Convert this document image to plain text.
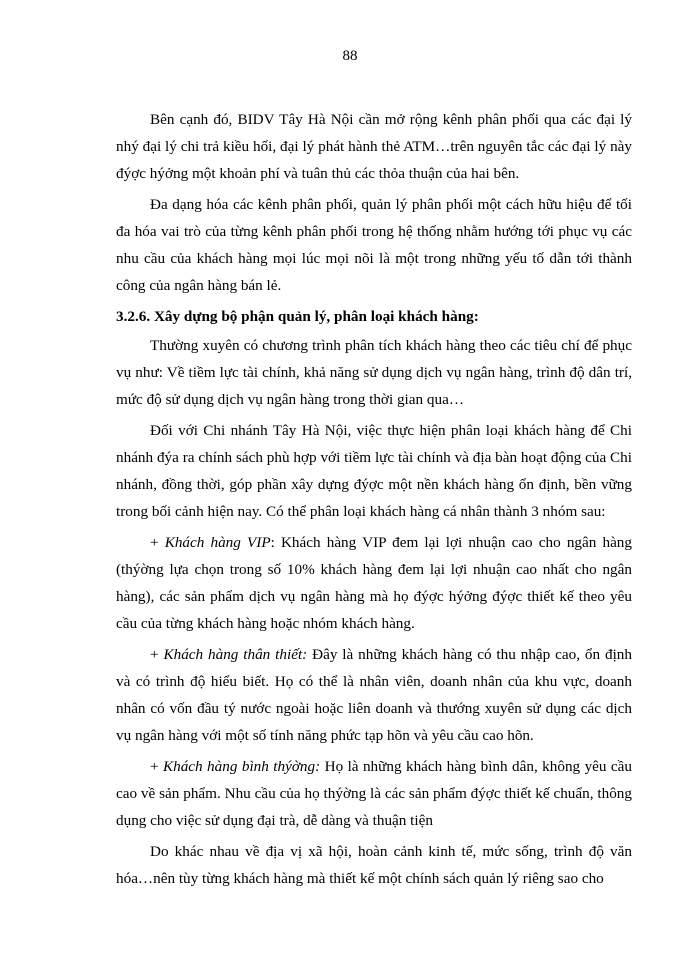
88

Bên cạnh đó, BIDV Tây Hà Nội cần mở rộng kênh phân phối qua các đại lý nhý đại lý chi trả kiều hối, đại lý phát hành thẻ ATM…trên nguyên tắc các đại lý này đýợc hýởng một khoản phí và tuân thủ các thỏa thuận của hai bên.

Đa dạng hóa các kênh phân phối, quản lý phân phối một cách hữu hiệu để tối đa hóa vai trò của từng kênh phân phối trong hệ thống nhằm hướng tới phục vụ các nhu cầu của khách hàng mọi lúc mọi nõi là một trong những yếu tố dẫn tới thành công của ngân hàng bán lẻ.

3.2.6. Xây dựng bộ phận quản lý, phân loại khách hàng:

Thường xuyên có chương trình phân tích khách hàng theo các tiêu chí để phục vụ như: Về tiềm lực tài chính, khả năng sử dụng dịch vụ ngân hàng, trình độ dân trí, mức độ sử dụng dịch vụ ngân hàng trong thời gian qua…

Đối với Chi nhánh Tây Hà Nội, việc thực hiện phân loại khách hàng để Chi nhánh đýa ra chính sách phù hợp với tiềm lực tài chính và địa bàn hoạt động của Chi nhánh, đồng thời, góp phần xây dựng đýợc một nền khách hàng ổn định, bền vững trong bối cảnh hiện nay. Có thể phân loại khách hàng cá nhân thành 3 nhóm sau:

+ Khách hàng VIP: Khách hàng VIP đem lại lợi nhuận cao cho ngân hàng (thýờng lựa chọn trong số 10% khách hàng đem lại lợi nhuận cao nhất cho ngân hàng), các sản phẩm dịch vụ ngân hàng mà họ đýợc hýởng đýợc thiết kế theo yêu cầu của từng khách hàng hoặc nhóm khách hàng.

+ Khách hàng thân thiết: Đây là những khách hàng có thu nhập cao, ổn định và có trình độ hiểu biết. Họ có thể là nhân viên, doanh nhân của khu vực, doanh nhân có vốn đầu tý nước ngoài hoặc liên doanh và thướng xuyên sử dụng các dịch vụ ngân hàng với một số tính năng phức tạp hõn và yêu cầu cao hõn.

+ Khách hàng bình thýờng: Họ là những khách hàng bình dân, không yêu cầu cao về sản phẩm. Nhu cầu của họ thýờng là các sản phẩm đýợc thiết kế chuẩn, thông dụng cho việc sử dụng đại trà, dễ dàng và thuận tiện

Do khác nhau về địa vị xã hội, hoàn cảnh kinh tế, mức sống, trình độ văn hóa…nên tùy từng khách hàng mà thiết kế một chính sách quản lý riêng sao cho
